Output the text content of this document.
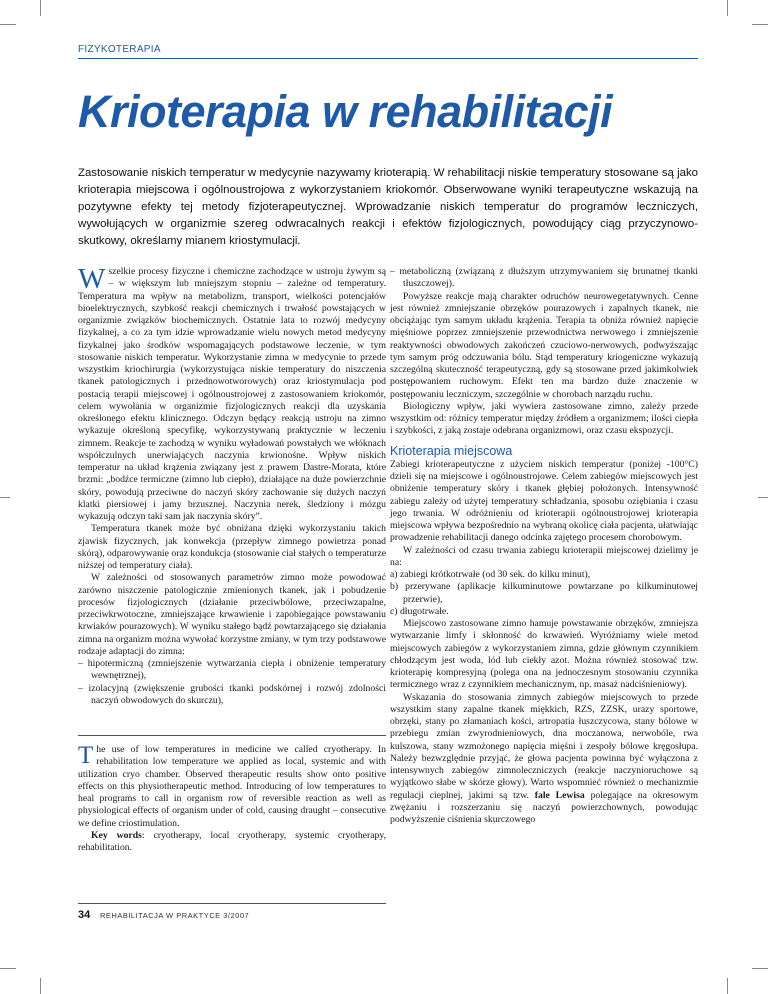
FIZYKOTERAPIA
Krioterapia w rehabilitacji

Zastosowanie niskich temperatur w medycynie nazywamy krioterapią. W rehabilitacji niskie temperatury stosowane są jako krioterapia miejscowa i ogólnoustrojowa z wykorzystaniem kriokomór. Obserwowane wyniki terapeutyczne wskazują na pozytywne efekty tej metody fizjoterapeutycznej. Wprowadzanie niskich temperatur do programów leczniczych, wywołujących w organizmie szereg odwracalnych reakcji i efektów fizjologicznych, powodujący ciąg przyczynowo-skutkowy, określamy mianem kriostymulacji.

Wszelkie procesy fizyczne i chemiczne zachodzące w ustroju żywym są – w większym lub mniejszym stopniu – zależne od temperatury. Temperatura ma wpływ na metabolizm, transport, wielkości potencjałów bioelektrycznych, szybkość reakcji chemicznych i trwałość powstających w organizmie związków biochemicznych. Ostatnie lata to rozwój medycyny fizykalnej, a co za tym idzie wprowadzanie wielu nowych metod medycyny fizykalnej jako środków wspomagających podstawowe leczenie, w tym stosowanie niskich temperatur. Wykorzystanie zimna w medycynie to przede wszystkim kriochirurgia (wykorzystująca niskie temperatury do niszczenia tkanek patologicznych i przednowotworowych) oraz kriostymulacja pod postacią terapii miejscowej i ogólnoustrojowej z zastosowaniem kriokomór, celem wywołania w organizmie fizjologicznych reakcji dla uzyskania określonego efektu klinicznego. Odczyn będący reakcją ustroju na zimno wykazuje określoną specyfikę, wykorzystywaną praktycznie w leczeniu zimnem. Reakcje te zachodzą w wyniku wyładowań powstałych we włóknach współczulnych unerwiających naczynia krwionośne. Wpływ niskich temperatur na układ krążenia związany jest z prawem Dastre-Morata, które brzmi: „bodźce termiczne (zimno lub ciepło), działające na duże powierzchnie skóry, powodują przeciwne do naczyń skóry zachowanie się dużych naczyń klatki piersiowej i jamy brzusznej. Naczynia nerek, śledziony i mózgu wykazują odczyn taki sam jak naczynia skóry”.

Temperatura tkanek może być obniżana dzięki wykorzystaniu takich zjawisk fizycznych, jak konwekcja (przepływ zimnego powietrza ponad skórą), odparowywanie oraz kondukcja (stosowanie ciał stałych o temperaturze niższej od temperatury ciała).

W zależności od stosowanych parametrów zimno może powodować zarówno niszczenie patologicznie zmienionych tkanek, jak i pobudzenie procesów fizjologicznych (działanie przeciwbólowe, przeciwzapalne, przeciwkrwotoczne, zmniejszające krwawienie i zapobiegające powstawaniu krwiaków pourazowych). W wyniku stałego bądź powtarzającego się działania zimna na organizm można wywołać korzystne zmiany, w tym trzy podstawowe rodzaje adaptacji do zimna:

– hipotermiczną (zmniejszenie wytwarzania ciepła i obniżenie temperatury wewnętrznej),
– izolacyjną (zwiększenie grubości tkanki podskórnej i rozwój zdolności naczyń obwodowych do skurczu),

The use of low temperatures in medicine we called cryotherapy. In rehabilitation low temperature we applied as local, systemic and with utilization cryo chamber. Observed therapeutic results show onto positive effects on this physiotherapeutic method. Introducing of low temperatures to heal programs to call in organism row of reversible reaction as well as physiological effects of organism under of cold, causing draught – consecutive we define criostimulation.

Key words: cryotherapy, local cryotherapy, systemic cryotherapy, rehabilitation.

– metaboliczną (związaną z dłuższym utrzymywaniem się brunatnej tkanki tłuszczowej).

Powyższe reakcje mają charakter odruchów neurowegetatywnych. Cenne jest również zmniejszanie obrzęków pourazowych i zapalnych tkanek, nie obciążając tym samym układu krążenia. Terapia ta obniża również napięcie mięśniowe poprzez zmniejszenie przewodnictwa nerwowego i zmniejszenie reaktywności obwodowych zakończeń czuciowo-nerwowych, podwyższając tym samym próg odczuwania bólu. Stąd temperatury kriogeniczne wykazują szczególną skuteczność terapeutyczną, gdy są stosowane przed jakimkolwiek postępowaniem ruchowym. Efekt ten ma bardzo duże znaczenie w postępowaniu leczniczym, szczególnie w chorobach narządu ruchu.

Biologiczny wpływ, jaki wywiera zastosowane zimno, zależy przede wszystkim od: różnicy temperatur między źródłem a organizmem; ilości ciepła i szybkości, z jaką zostaje odebrana organizmowi, oraz czasu ekspozycji.

Krioterapia miejscowa

Zabiegi krioterapeutyczne z użyciem niskich temperatur (poniżej -100°C) dzieli się na miejscowe i ogólnoustrojowe. Celem zabiegów miejscowych jest obniżenie temperatury skóry i tkanek głębiej położonych. Intensywność zabiegu zależy od użytej temperatury schładzania, sposobu oziębiania i czasu jego trwania. W odróżnieniu od krioterapii ogólnoustrojowej krioterapia miejscowa wpływa bezpośrednio na wybraną okolicę ciała pacjenta, ułatwiając prowadzenie rehabilitacji danego odcinka zajętego procesem chorobowym.

W zależności od czasu trwania zabiegu krioterapii miejscowej dzielimy je na:

a) zabiegi krótkotrwałe (od 30 sek. do kilku minut),
b) przerywane (aplikacje kilkuminutowe powtarzane po kilkuminutowej przerwie),
c) długotrwałe.

Miejscowo zastosowane zimno hamuje powstawanie obrzęków, zmniejsza wytwarzanie limfy i skłonność do krwawień. Wyróżniamy wiele metod miejscowych zabiegów z wykorzystaniem zimna, gdzie głównym czynnikiem chłodzącym jest woda, lód lub ciekły azot. Można również stosować tzw. krioterapię kompresyjną (polega ona na jednoczesnym stosowaniu czynnika termicznego wraz z czynnikiem mechanicznym, np. masaż nadciśnieniowy).

Wskazania do stosowania zimnych zabiegów miejscowych to przede wszystkim stany zapalne tkanek miękkich, RZS, ZZSK, urazy sportowe, obrzęki, stany po złamaniach kości, artropatia łuszczycowa, stany bólowe w przebiegu zmian zwyrodnieniowych, dna moczanowa, nerwobóle, rwa kulszowa, stany wzmożonego napięcia mięśni i zespoły bólowe kręgosłupa. Należy bezwzględnie przyjąć, że głowa pacjenta powinna być wyłączona z intensywnych zabiegów zimnoleczniczych (reakcje naczynioruchowe są wyjątkowo słabe w skórze głowy). Warto wspomnieć również o mechanizmie regulacji cieplnej, jakimi są tzw. fale Lewisa polegające na okresowym zwężaniu i rozszerzaniu się naczyń powierzchownych, powodując podwyższenie ciśnienia skurczowego

34 REHABILITACJA W PRAKTYCE 3/2007
